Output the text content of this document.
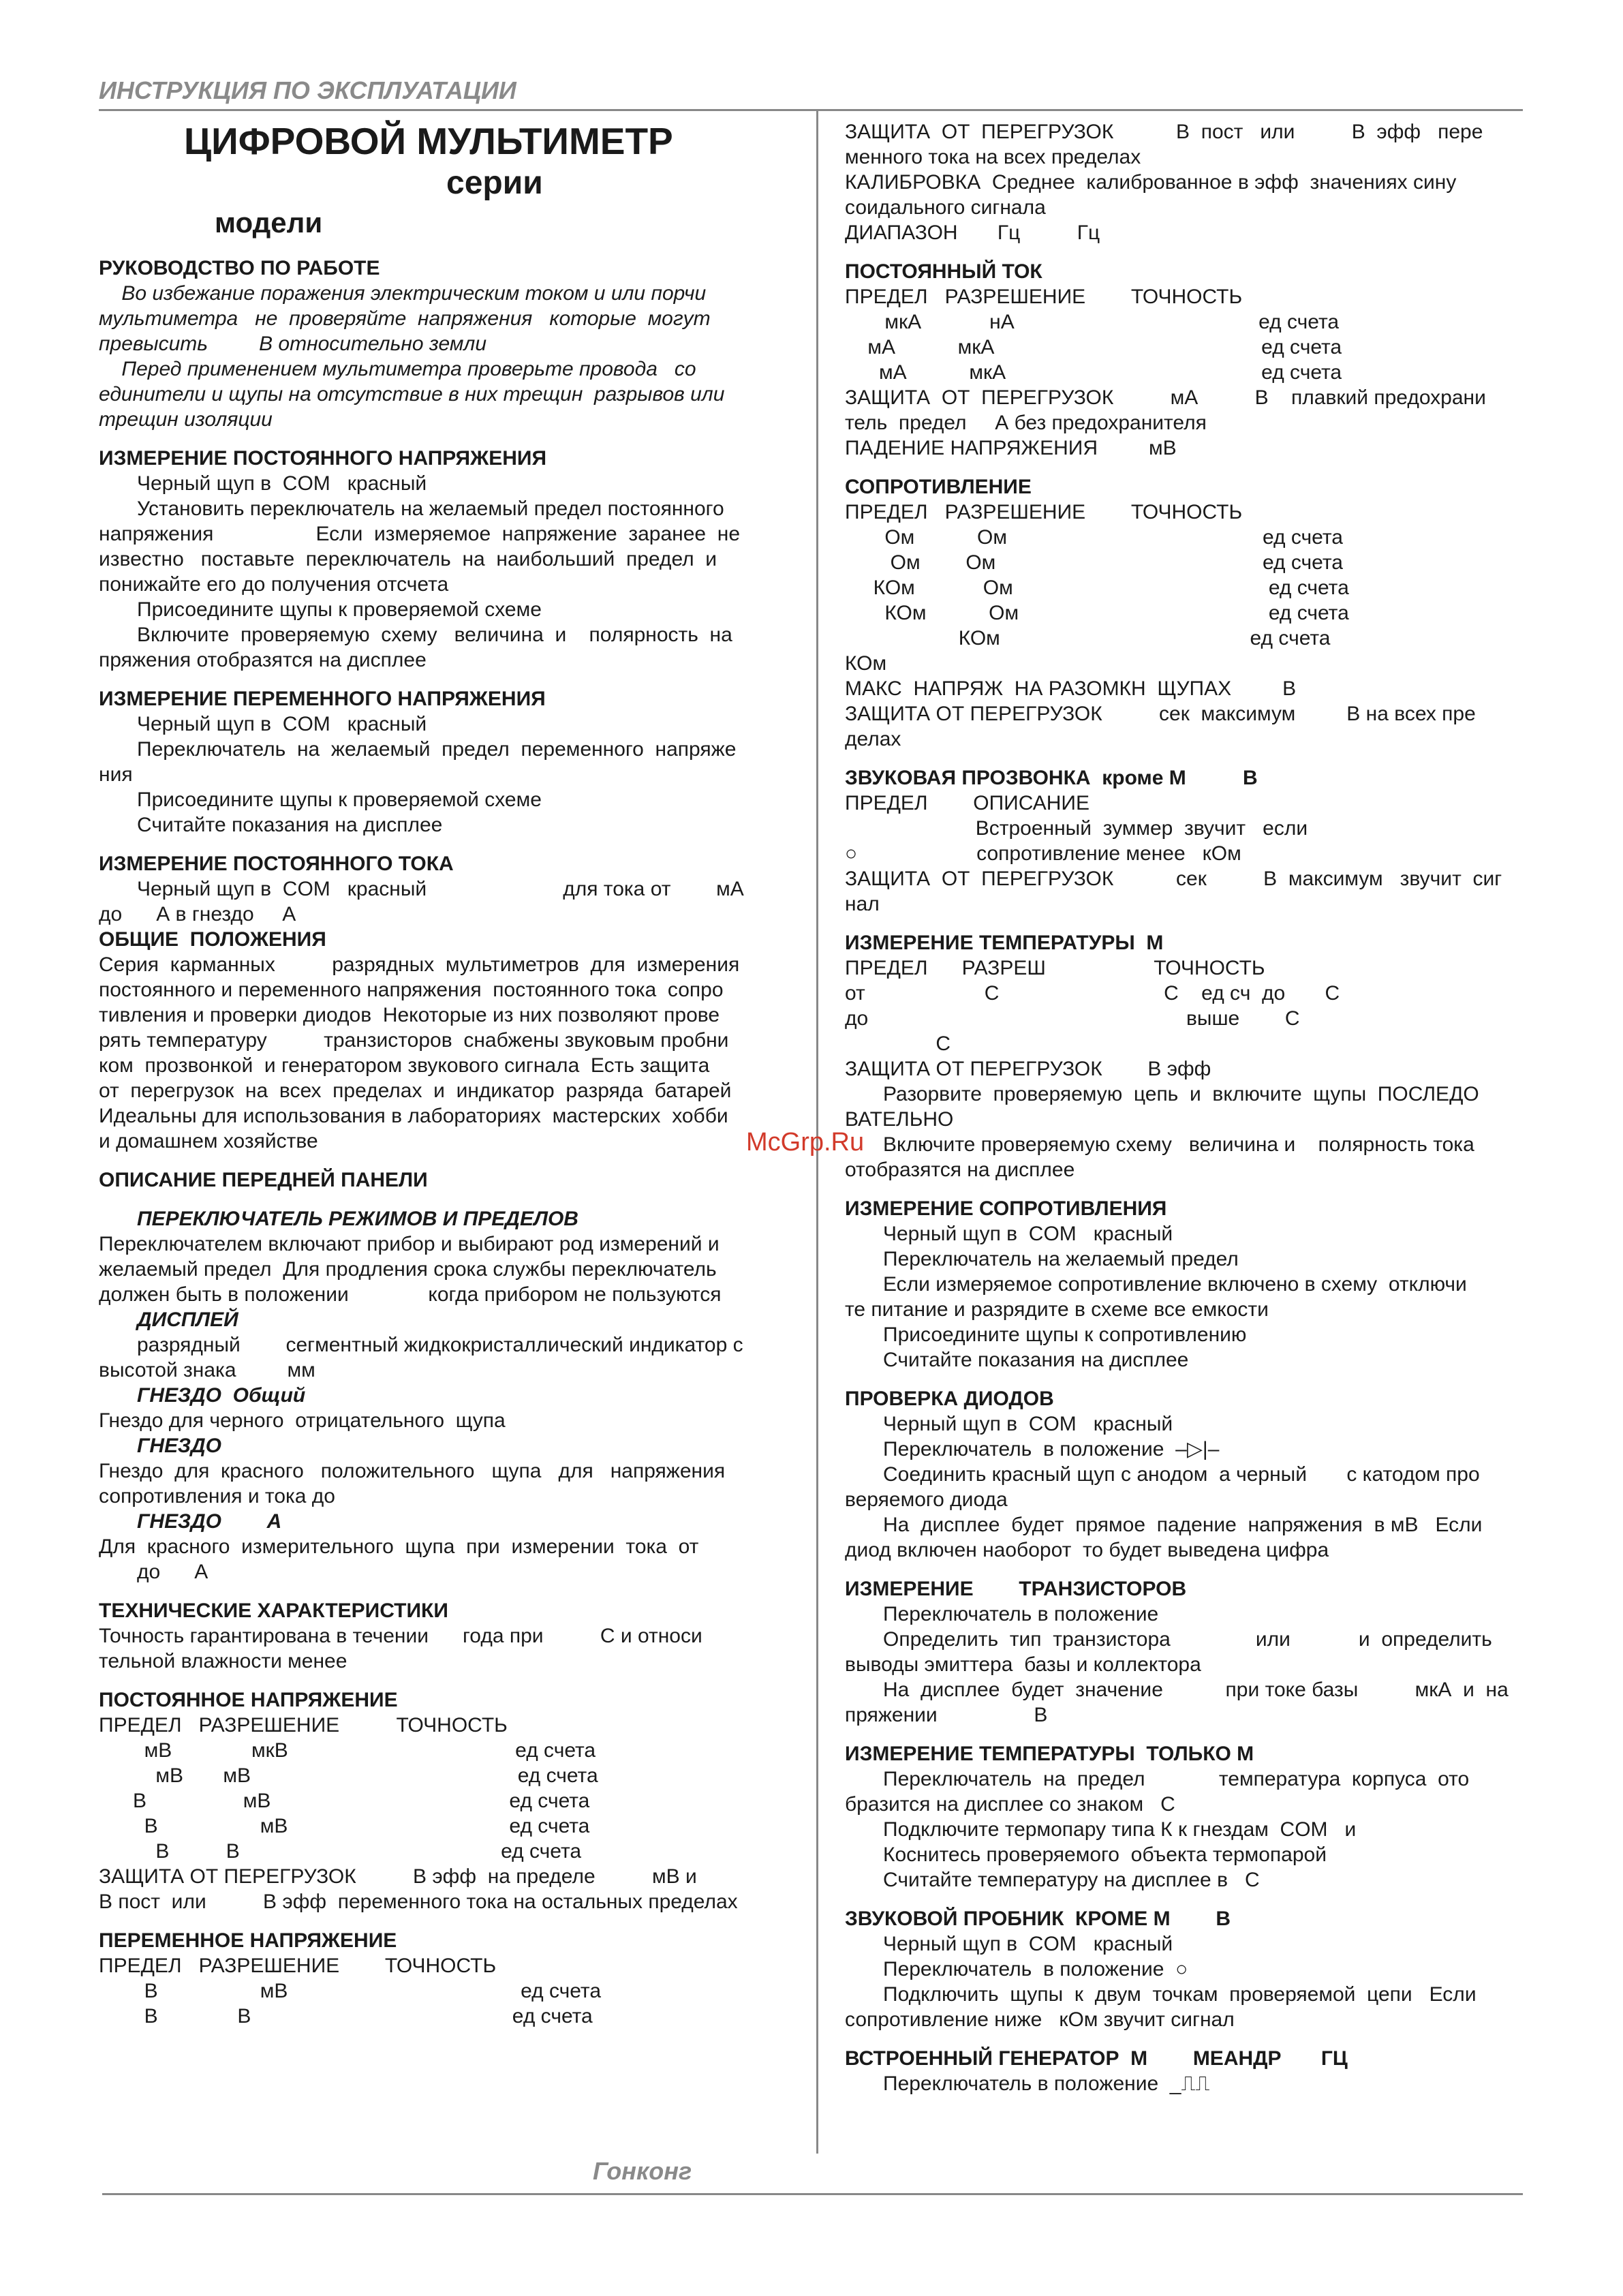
ИНСТРУКЦИЯ ПО ЭКСПЛУАТАЦИИ
ЦИФРОВОЙ МУЛЬТИМЕТР
серии
модели
РУКОВОДСТВО ПО РАБОТЕ
Во избежание поражения электрическим током и или порчи
мультиметра   не  проверяйте  напряжения   которые  могут
превысить         В относительно земли
Перед применением мультиметра проверьте провода   со
единители и щупы на отсутствие в них трещин  разрывов или
трещин изоляции
ИЗМЕРЕНИЕ ПОСТОЯННОГО НАПРЯЖЕНИЯ
Черный щуп в  COM   красный
Установить переключатель на желаемый предел постоянного
напряжения                  Если  измеряемое  напряжение  заранее  не
известно   поставьте  переключатель  на  наибольший  предел  и
понижайте его до получения отсчета
Присоедините щупы к проверяемой схеме
Включите  проверяемую  схему   величина  и    полярность  на
пряжения отобразятся на дисплее
ИЗМЕРЕНИЕ ПЕРЕМЕННОГО НАПРЯЖЕНИЯ
Черный щуп в  COM   красный
Переключатель  на  желаемый  предел  переменного  напряже
ния
Присоедините щупы к проверяемой схеме
Считайте показания на дисплее
ИЗМЕРЕНИЕ ПОСТОЯННОГО ТОКА
Черный щуп в  COM   красный                        для тока от        мА
до      А в гнездо     А
ОБЩИЕ  ПОЛОЖЕНИЯ
Серия  карманных          разрядных  мультиметров  для  измерения
постоянного и переменного напряжения  постоянного тока  сопро
тивления и проверки диодов  Некоторые из них позволяют прове
рять температуру          транзисторов  снабжены звуковым пробни
ком  прозвонкой  и генератором звукового сигнала  Есть защита
от  перегрузок  на  всех  пределах  и  индикатор  разряда  батарей
Идеальны для использования в лабораториях  мастерских  хобби
и домашнем хозяйстве
ОПИСАНИЕ ПЕРЕДНЕЙ ПАНЕЛИ
ПЕРЕКЛЮЧАТЕЛЬ РЕЖИМОВ И ПРЕДЕЛОВ
Переключателем включают прибор и выбирают род измерений и
желаемый предел  Для продления срока службы переключатель
должен быть в положении              когда прибором не пользуются
ДИСПЛЕЙ
разрядный        сегментный жидкокристаллический индикатор с
высотой знака         мм
ГНЕЗДО  Общий
Гнездо для черного  отрицательного  щупа
ГНЕЗДО
Гнездо  для  красного   положительного   щупа   для   напряжения
сопротивления и тока до
ГНЕЗДО        А
Для  красного  измерительного  щупа  при  измерении  тока  от
до      А
ТЕХНИЧЕСКИЕ ХАРАКТЕРИСТИКИ
Точность гарантирована в течении      года при          С и относи
тельной влажности менее
ПОСТОЯННОЕ НАПРЯЖЕНИЕ
ПРЕДЕЛ   РАЗРЕШЕНИЕ          ТОЧНОСТЬ
мВ              мкВ                                        ед счета
мВ       мВ                                               ед счета
В                 мВ                                          ед счета
В                  мВ                                       ед счета
В          В                                              ед счета
ЗАЩИТА ОТ ПЕРЕГРУЗОК          В эфф  на пределе          мВ и
В пост  или          В эфф  переменного тока на остальных пределах
ПЕРЕМЕННОЕ НАПРЯЖЕНИЕ
ПРЕДЕЛ   РАЗРЕШЕНИЕ        ТОЧНОСТЬ
В                  мВ                                         ед счета
В              В                                              ед счета
ЗАЩИТА  ОТ  ПЕРЕГРУЗОК           В  пост   или          В  эфф   пере
менного тока на всех пределах
КАЛИБРОВКА  Среднее  калиброванное в эфф  значениях сину
соидального сигнала
ДИАПАЗОН       Гц          Гц
ПОСТОЯННЫЙ ТОК
ПРЕДЕЛ   РАЗРЕШЕНИЕ        ТОЧНОСТЬ
мкА            нА                                           ед счета
мА           мкА                                               ед счета
мА           мкА                                             ед счета
ЗАЩИТА  ОТ  ПЕРЕГРУЗОК          мА          В    плавкий предохрани
тель  предел     А без предохранителя
ПАДЕНИЕ НАПРЯЖЕНИЯ         мВ
СОПРОТИВЛЕНИЕ
ПРЕДЕЛ   РАЗРЕШЕНИЕ        ТОЧНОСТЬ
Ом           Ом                                             ед счета
Ом        Ом                                               ед счета
КОм            Ом                                             ед счета
КОм           Ом                                            ед счета
КОм                                            ед счета
КОм
МАКС  НАПРЯЖ  НА РАЗОМКН  ЩУПАХ         В
ЗАЩИТА ОТ ПЕРЕГРУЗОК          сек  максимум         В на всех пре
делах
ЗВУКОВАЯ ПРОЗВОНКА  кроме М          В
ПРЕДЕЛ        ОПИСАНИЕ
Встроенный  зуммер  звучит   если
○                     сопротивление менее   кОм
ЗАЩИТА  ОТ  ПЕРЕГРУЗОК           сек          В  максимум   звучит  сиг
нал
ИЗМЕРЕНИЕ ТЕМПЕРАТУРЫ  М
ПРЕДЕЛ      РАЗРЕШ                   ТОЧНОСТЬ
от                     С                             С    ед сч  до       С
до                                                        выше        С
С
ЗАЩИТА ОТ ПЕРЕГРУЗОК        В эфф
Разорвите  проверяемую  цепь  и  включите  щупы  ПОСЛЕДО
ВАТЕЛЬНО
Включите проверяемую схему   величина и    полярность тока
отобразятся на дисплее
ИЗМЕРЕНИЕ СОПРОТИВЛЕНИЯ
Черный щуп в  COM   красный
Переключатель на желаемый предел
Если измеряемое сопротивление включено в схему  отключи
те питание и разрядите в схеме все емкости
Присоедините щупы к сопротивлению
Считайте показания на дисплее
ПРОВЕРКА ДИОДОВ
Черный щуп в  COM   красный
Переключатель  в положение  –▷|–
Соединить красный щуп с анодом  а черный       с катодом про
веряемого диода
На  дисплее  будет  прямое  падение  напряжения  в мВ   Если
диод включен наоборот  то будет выведена цифра
ИЗМЕРЕНИЕ        ТРАНЗИСТОРОВ
Переключатель в положение
Определить  тип  транзистора               или            и  определить
выводы эмиттера  базы и коллектора
На  дисплее  будет  значение           при токе базы          мкА  и  на
пряжении                 В
ИЗМЕРЕНИЕ ТЕМПЕРАТУРЫ  ТОЛЬКО М
Переключатель  на  предел             температура  корпуса  ото
бразится на дисплее со знаком   С
Подключите термопару типа К к гнездам  COM   и
Коснитесь проверяемого  объекта термопарой
Считайте температуру на дисплее в   С
ЗВУКОВОЙ ПРОБНИК  КРОМЕ М        В
Черный щуп в  COM   красный
Переключатель  в положение  ○
Подключить  щупы  к  двум  точкам  проверяемой  цепи   Если
сопротивление ниже   кОм звучит сигнал
ВСТРОЕННЫЙ ГЕНЕРАТОР  М        МЕАНДР       ГЦ
Переключатель в положение  _⎍⎍
McGrp.Ru
Гонконг
